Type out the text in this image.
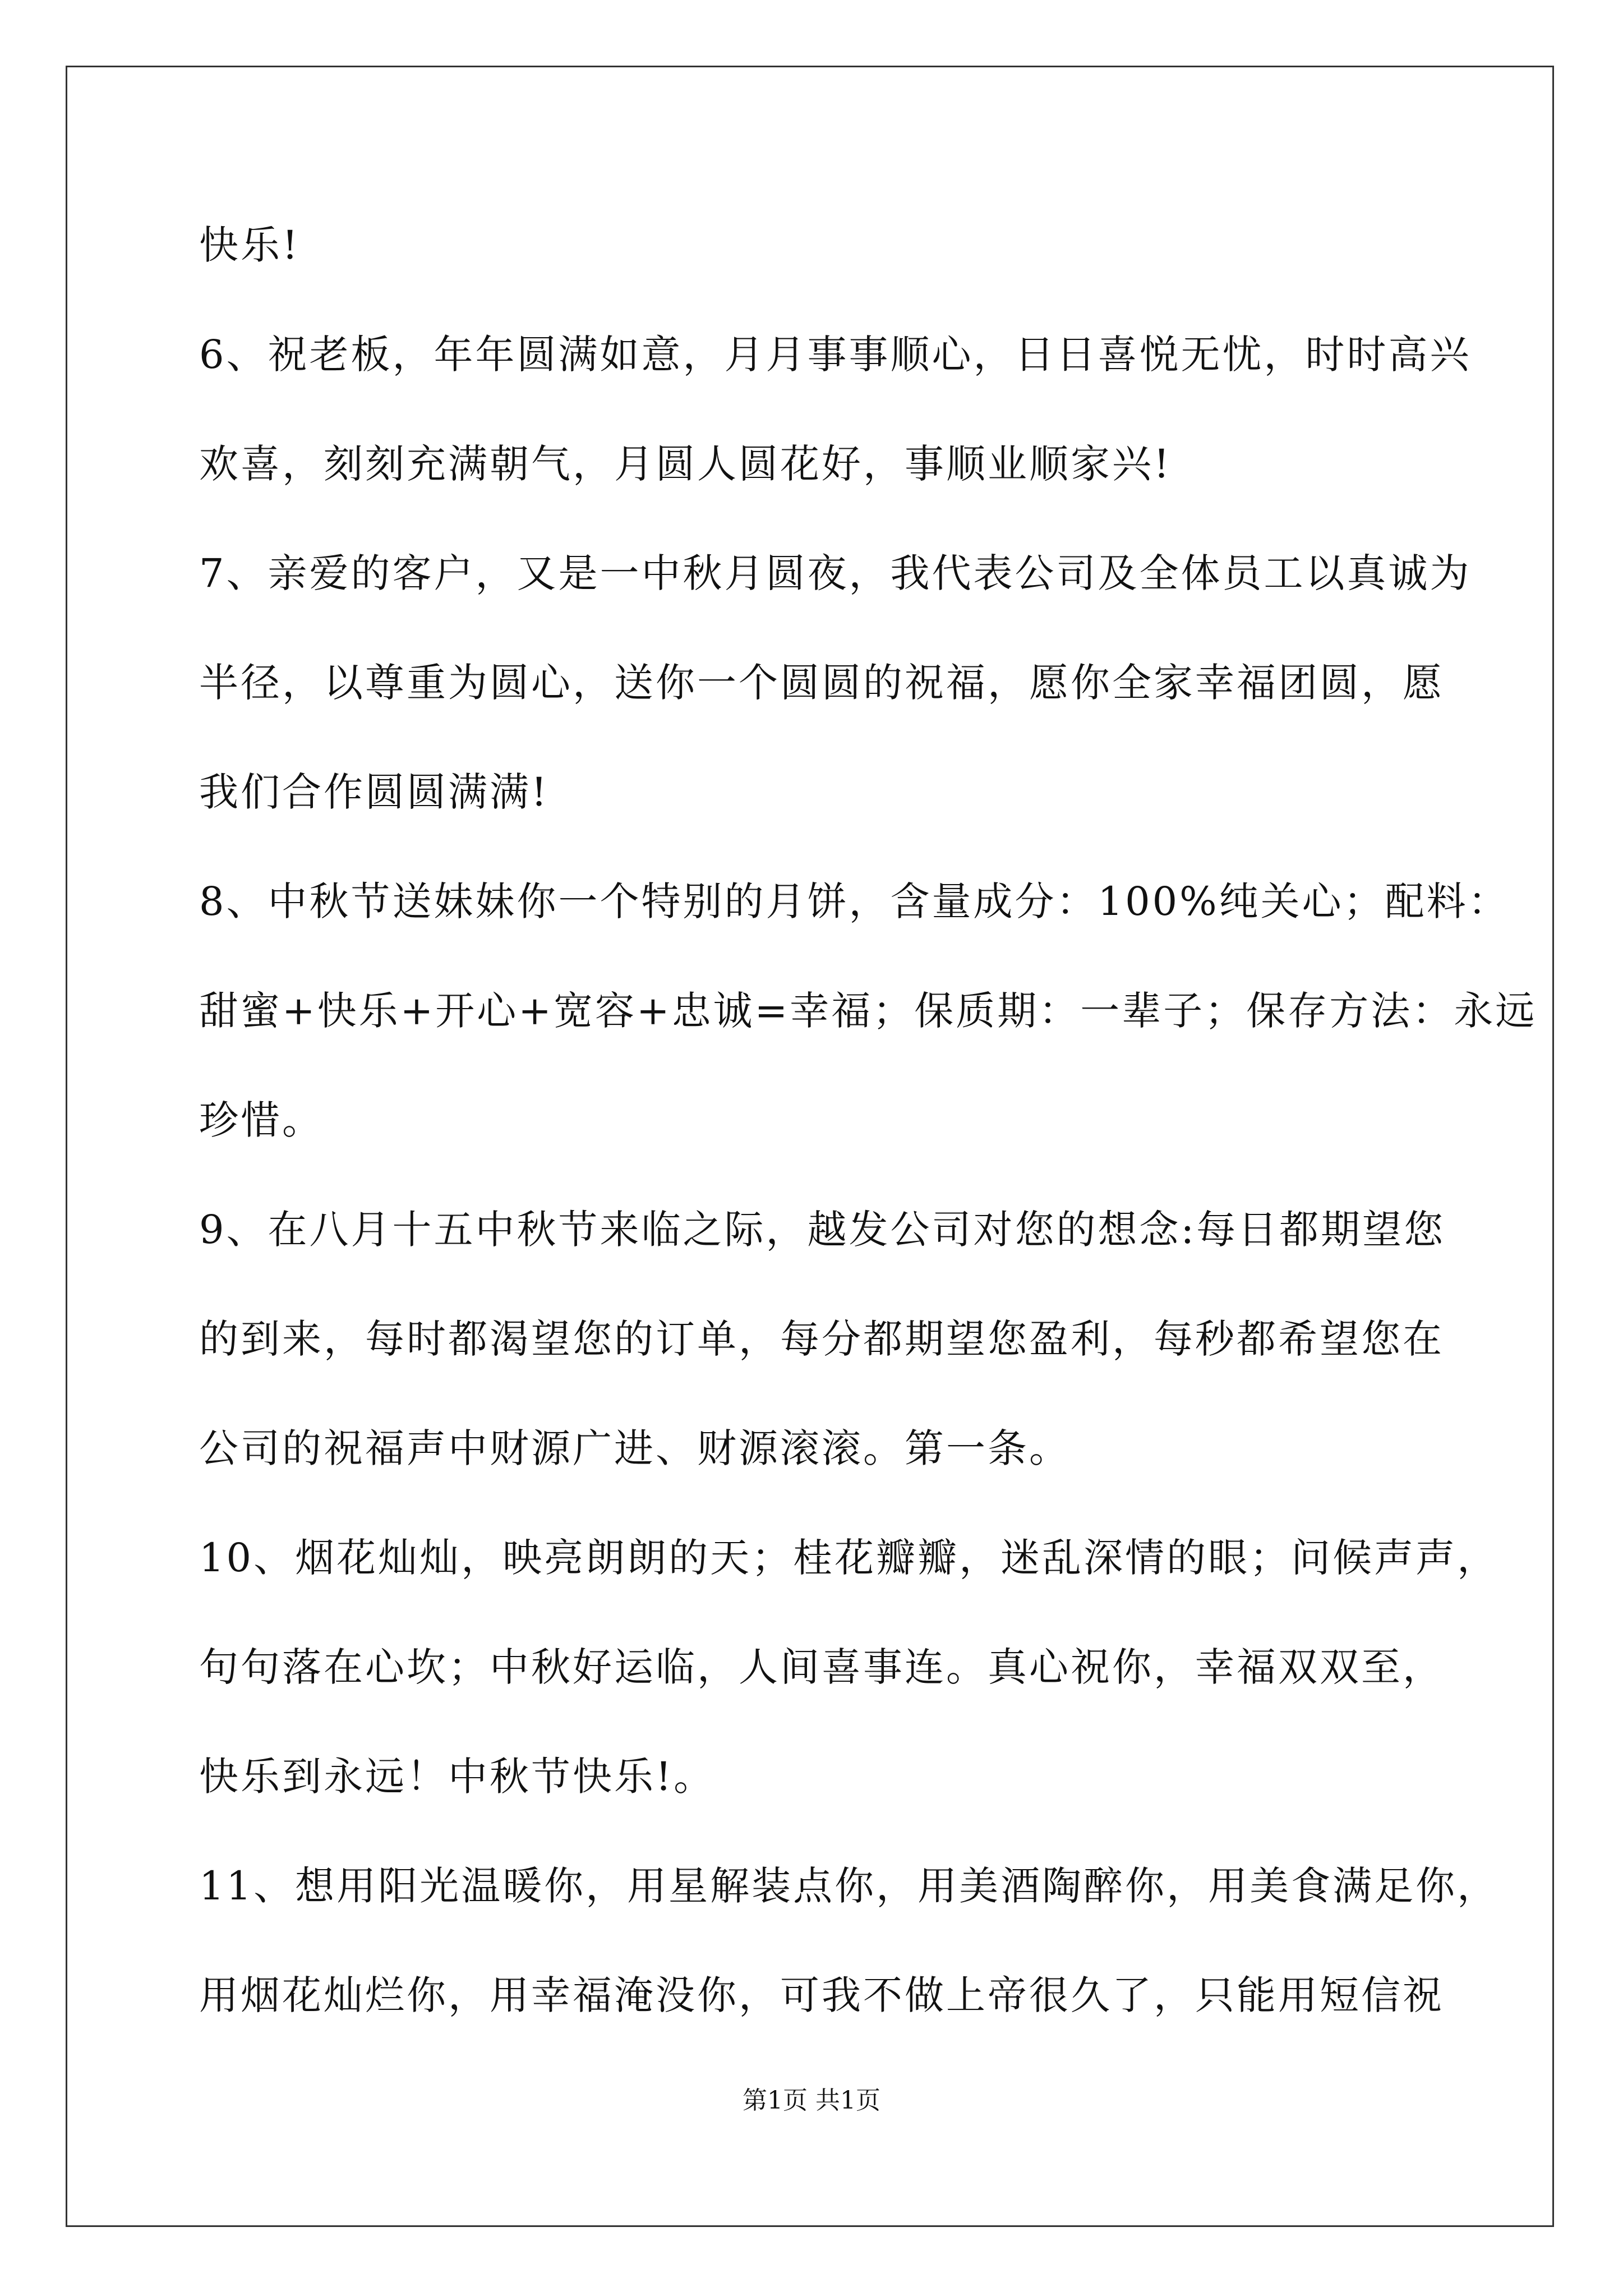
快乐!
6、祝老板，年年圆满如意，月月事事顺心，日日喜悦无忧，时时高兴
欢喜，刻刻充满朝气，月圆人圆花好，事顺业顺家兴!
7、亲爱的客户，又是一中秋月圆夜，我代表公司及全体员工以真诚为
半径，以尊重为圆心，送你一个圆圆的祝福，愿你全家幸福团圆，愿
我们合作圆圆满满!
8、中秋节送妹妹你一个特别的月饼，含量成分：100%纯关心；配料：
甜蜜+快乐+开心+宽容+忠诚=幸福；保质期：一辈子；保存方法：永远
珍惜。
9、在八月十五中秋节来临之际，越发公司对您的想念:每日都期望您
的到来，每时都渴望您的订单，每分都期望您盈利，每秒都希望您在
公司的祝福声中财源广进、财源滚滚。第一条。
10、烟花灿灿，映亮朗朗的天；桂花瓣瓣，迷乱深情的眼；问候声声，
句句落在心坎；中秋好运临，人间喜事连。真心祝你，幸福双双至，
快乐到永远！中秋节快乐!。
11、想用阳光温暖你，用星解装点你，用美酒陶醉你，用美食满足你，
用烟花灿烂你，用幸福淹没你，可我不做上帝很久了，只能用短信祝
第1页 共1页
